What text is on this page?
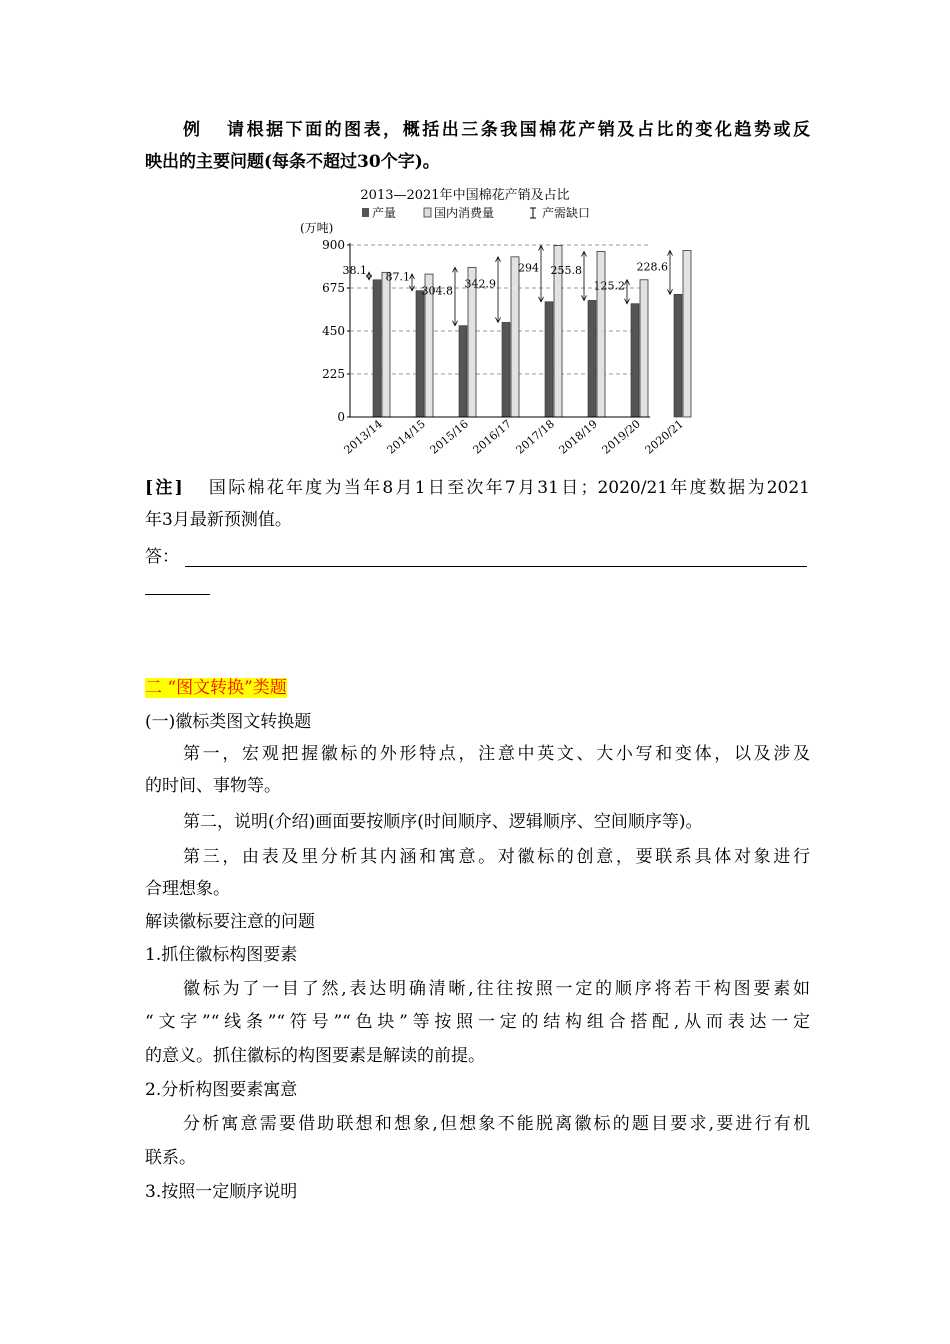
例 请根据下面的图表，概括出三条我国棉花产销及占比的变化趋势或反
映出的主要问题(每条不超过30个字)。
2013—2021年中国棉花产销及占比
产量	国内消费量	产需缺口
(万吨)
0
225
450
675
900
38.1 87.1
304.8
342.9
294 255.8
125.2
228.6
2013/14 2014/15 2015/16 2016/17 2017/18 2018/19 2019/20 2020/21
[注] 国际棉花年度为当年8月1日至次年7月31日；2020/21年度数据为2021
年3月最新预测值。
答：
二 “图文转换”类题
(一)徽标类图文转换题
第一，宏观把握徽标的外形特点，注意中英文、大小写和变体，以及涉及
的时间、事物等。
第二，说明(介绍)画面要按顺序(时间顺序、逻辑顺序、空间顺序等)。
第三，由表及里分析其内涵和寓意。对徽标的创意，要联系具体对象进行
合理想象。
解读徽标要注意的问题
1.抓住徽标构图要素
徽标为了一目了然,表达明确清晰,往往按照一定的顺序将若干构图要素如
“文字”“线条”“符号”“色块”等按照一定的结构组合搭配,从而表达一定
的意义。抓住徽标的构图要素是解读的前提。
2.分析构图要素寓意
分析寓意需要借助联想和想象,但想象不能脱离徽标的题目要求,要进行有机
联系。
3.按照一定顺序说明
